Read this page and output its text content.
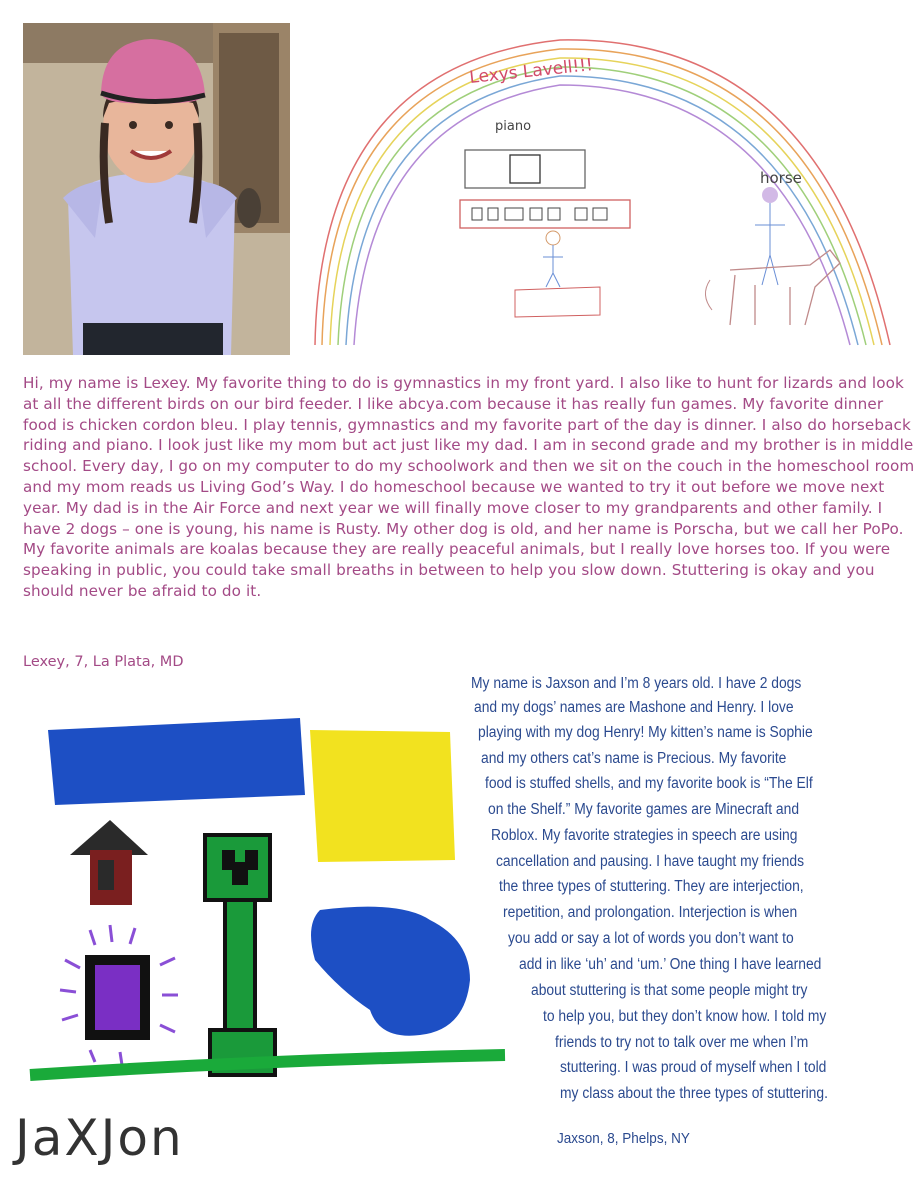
Lexys Lavell!!!
piano
horse
Hi, my name is Lexey. My favorite thing to do is gymnastics in my front yard. I also like to hunt for lizards and look at all the different birds on our bird feeder. I like abcya.com because it has really fun games. My favorite dinner food is chicken cordon bleu. I play tennis, gymnastics and my favorite part of the day is dinner. I also do horseback riding and piano. I look just like my mom but act just like my dad. I am in second grade and my brother is in middle school. Every day, I go on my computer to do my schoolwork and then we sit on the couch in the homeschool room and my mom reads us Living God’s Way. I do homeschool because we wanted to try it out before we move next year. My dad is in the Air Force and next year we will finally move closer to my grandparents and other family. I have 2 dogs – one is young, his name is Rusty. My other dog is old, and her name is Porscha, but we call her PoPo. My favorite animals are koalas because they are really peaceful animals, but I really love horses too. If you were speaking in public, you could take small breaths in between to help you slow down. Stuttering is okay and you should never be afraid to do it.
Lexey, 7, La Plata, MD
JaXJon
My name is Jaxson and I’m 8 years old. I have 2 dogs
and my dogs’ names are Mashone and Henry. I love
playing with my dog Henry! My kitten’s name is Sophie
and my others cat’s name is Precious. My favorite
food is stuffed shells, and my favorite book is “The Elf
on the Shelf.” My favorite games are Minecraft and
Roblox. My favorite strategies in speech are using
cancellation and pausing. I have taught my friends
the three types of stuttering. They are interjection,
repetition, and prolongation. Interjection is when
you add or say a lot of words you don’t want to
add in like ‘uh’ and ‘um.’ One thing I have learned
about stuttering is that some people might try
to help you, but they don’t know how. I told my
friends to try not to talk over me when I’m
stuttering. I was proud of myself when I told
my class about the three types of stuttering.
Jaxson, 8, Phelps, NY
